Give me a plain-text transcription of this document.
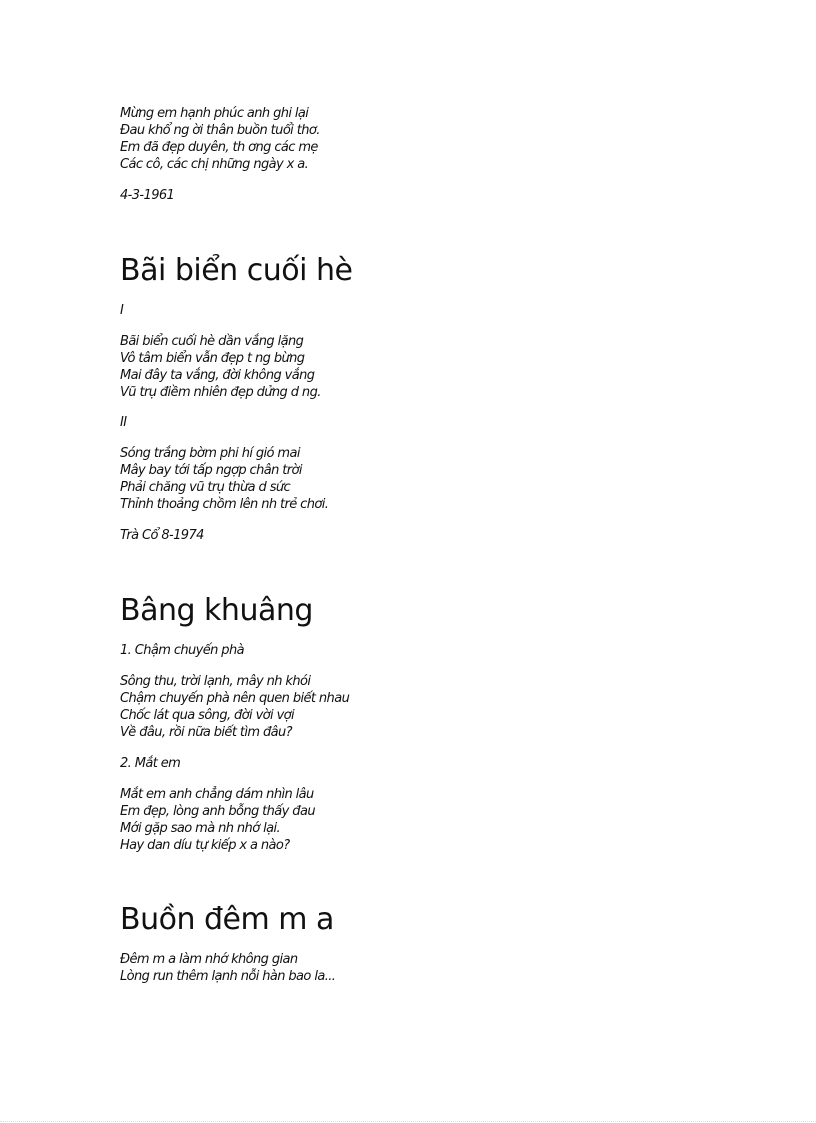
Mừng em hạnh phúc anh ghi lại
Đau khổ ng ời thân buồn tuổi thơ.
Em đã đẹp duyên, th ơng các mẹ
Các cô, các chị những ngày x a.
4-3-1961
Bãi biển cuối hè
I
Bãi biển cuối hè dần vắng lặng
Vô tâm biển vẫn đẹp t ng bừng
Mai đây ta vắng, đời không vắng
Vũ trụ điềm nhiên đẹp dửng d ng.
II
Sóng trắng bờm phi hí gió mai
Mây bay tới tấp ngợp chân trời
Phải chăng vũ trụ thừa d sức
Thỉnh thoảng chồm lên nh trẻ chơi.
Trà Cổ 8-1974
Bâng khuâng
1. Chậm chuyến phà
Sông thu, trời lạnh, mây nh khói
Chậm chuyến phà nên quen biết nhau
Chốc lát qua sông, đời vời vợi
Về đâu, rồi nữa biết tìm đâu?
2. Mắt em
Mắt em anh chẳng dám nhìn lâu
Em đẹp, lòng anh bỗng thấy đau
Mới gặp sao mà nh nhớ lại.
Hay dan díu tự kiếp x a nào?
Buồn đêm m a
Đêm m a làm nhớ không gian
Lòng run thêm lạnh nỗi hàn bao la...
